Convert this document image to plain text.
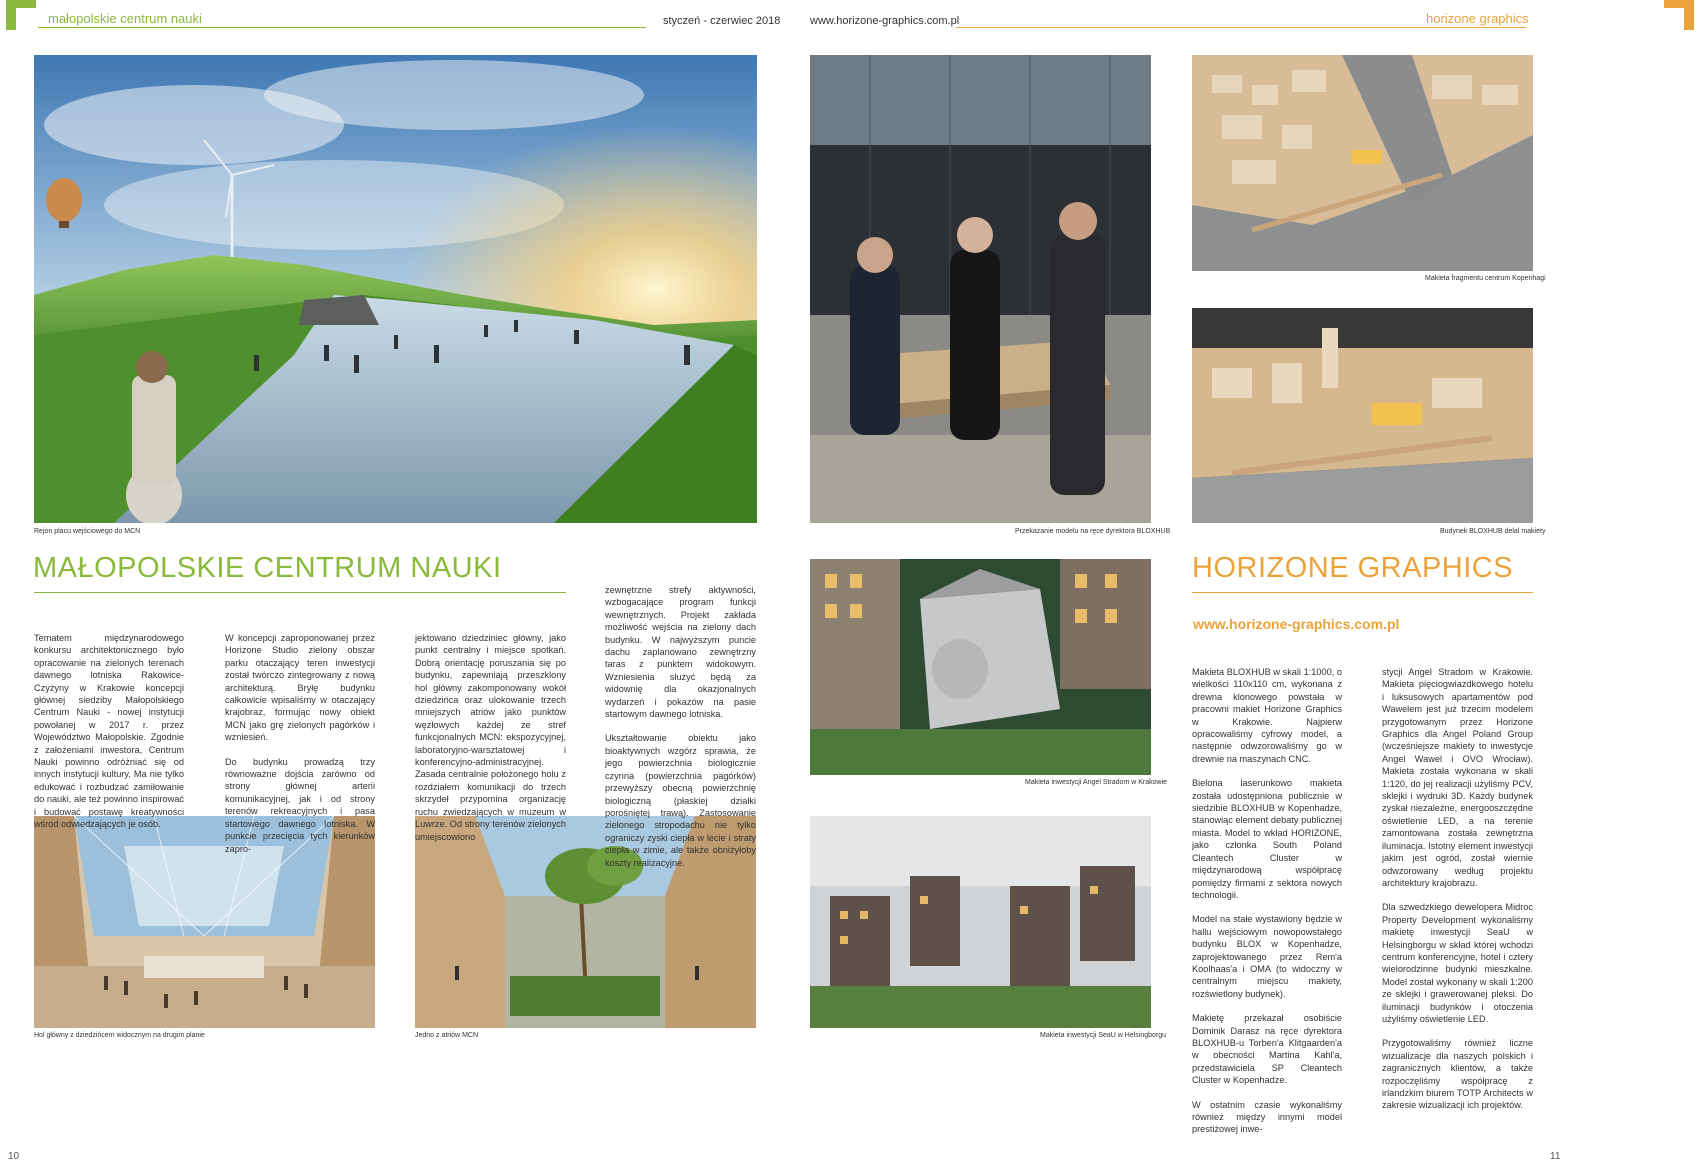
małopolskie centrum nauki	styczeń - czerwiec 2018	www.horizone-graphics.com.pl	horizone graphics
Rejon placu wejściowego do MCN
Hol główny z dziedzińcem widocznym na drugim planie	Jedno z atriów MCN
MAŁOPOLSKIE CENTRUM NAUKI

Tematem międzynarodowego konkursu architektonicznego było opracowanie na zielonych terenach dawnego lotniska Rakowice-Czyżyny w Krakowie koncepcji głównej siedziby Małopolskiego Centrum Nauki - nowej instytucji powołanej w 2017 r. przez Województwo Małopolskie. Zgodnie z założeniami inwestora, Centrum Nauki powinno odróżniać się od innych instytucji kultury. Ma nie tylko edukować i rozbudzać zamiłowanie do nauki, ale też powinno inspirować i budować postawę kreatywności wśród odwiedzających je osób.

W koncepcji zaproponowanej przez Horizone Studio zielony obszar parku otaczający teren inwestycji został twórczo zintegrowany z nową architekturą. Bryłę budynku całkowicie wpisaliśmy w otaczający krajobraz, formując nowy obiekt MCN jako grę zielonych pagórków i wzniesień.

Do budynku prowadzą trzy równoważne dojścia zarówno od strony głównej arterii komunikacyjnej, jak i od strony terenów rekreacyjnych i pasa startowego dawnego lotniska. W punkcie przecięcia tych kierunków zapro-

jektowano dziedziniec główny, jako punkt centralny i miejsce spotkań. Dobrą orientację poruszania się po budynku, zapewniają przeszklony hol główny zakomponowany wokół dziedzińca oraz ulokowanie trzech mniejszych atriów jako punktów węzłowych każdej ze stref funkcjonalnych MCN: ekspozycyjnej, laboratoryjno-warsztatowej i konferencyjno-administracyjnej. Zasada centralnie położonego holu z rozdziałem komunikacji do trzech skrzydeł przypomina organizację ruchu zwiedzających w muzeum w Luwrze. Od strony terenów zielonych umiejscowiono

zewnętrzne strefy aktywności, wzbogacające program funkcji wewnętrznych. Projekt zakłada możliwość wejścia na zielony dach budynku. W najwyższym puncie dachu zaplanowano zewnętrzny taras z punktem widokowym. Wzniesienia służyć będą za widownię dla okazjonalnych wydarzeń i pokazów na pasie startowym dawnego lotniska.

Ukształtowanie obiektu jako bioaktywnych wzgórz sprawia, że jego powierzchnia biologicznie czynna (powierzchnia pagórków) przewyższy obecną powierzchnię biologiczną (płaskiej działki porośniętej trawą). Zastosowanie zielonego stropodachu nie tylko ograniczy zyski ciepła w lecie i straty ciepła w zimie, ale także obniżyłoby koszty realizacyjne.

10
Przekazanie modelu na ręce dyrektora BLOXHUB
Makieta fragmentu centrum Kopenhagi
Budynek BLOXHUB delal makiety
Makieta inwestycji Angel Stradom w Krakowie
Makieta inwestycji SeaU w Helsingborgu
HORIZONE GRAPHICS
www.horizone-graphics.com.pl

Makieta BLOXHUB w skali 1:1000, o wielkości 110x110 cm, wykonana z drewna klonowego powstała w pracowni makiet Horizone Graphics w Krakowie. Najpierw opracowaliśmy cyfrowy model, a następnie odwzorowaliśmy go w drewnie na maszynach CNC.

Bielona laserunkowo makieta została udostępniona publicznie w siedzibie BLOXHUB w Kopenhadze, stanowiąc element debaty publicznej miasta. Model to wkład HORIZONE, jako członka South Poland Cleantech Cluster w międzynarodową współpracę pomiędzy firmami z sektora nowych technologii.

Model na stałe wystawiony będzie w hallu wejściowym nowopowstałego budynku BLOX w Kopenhadze, zaprojektowanego przez Rem'a Koolhaas'a i OMA (to widoczny w centralnym miejscu makiety, rozświetlony budynek).

Makietę przekazał osobiście Dominik Darasz na ręce dyrektora BLOXHUB-u Torben'a Klitgaarden'a w obecności Martina Kahl'a, przedstawiciela SP Cleantech Cluster w Kopenhadze.

W ostatnim czasie wykonaliśmy również między innymi model prestiżowej inwe-

stycji Angel Stradom w Krakowie. Makieta pięciogwiazdkowego hotelu i luksusowych apartamentów pod Wawelem jest już trzecim modelem przygotowanym przez Horizone Graphics dla Angel Poland Group (wcześniejsze makiety to inwestycje Angel Wawel i OVO Wrocław). Makieta została wykonana w skali 1:120, do jej realizacji użyliśmy PCV, sklejki i wydruki 3D. Każdy budynek zyskał niezależne, energooszczędne oświetlenie LED, a na terenie zamontowana została zewnętrzna iluminacja. Istotny element inwestycji jakim jest ogród, został wiernie odwzorowany według projektu architektury krajobrazu.

Dla szwedzkiego dewelopera Midroc Property Development wykonaliśmy makietę inwestycji SeaU w Helsingborgu w skład której wchodzi centrum konferencyjne, hotel i cztery wielorodzinne budynki mieszkalne. Model został wykonany w skali 1:200 ze sklejki i grawerowanej pleksi. Do iluminacji budynków i otoczenia użyliśmy oświetlenie LED.

Przygotowaliśmy również liczne wizualizacje dla naszych polskich i zagranicznych klientów, a także rozpoczęliśmy współpracę z irlandzkim biurem TOTP Architects w zakresie wizualizacji ich projektów.

11
